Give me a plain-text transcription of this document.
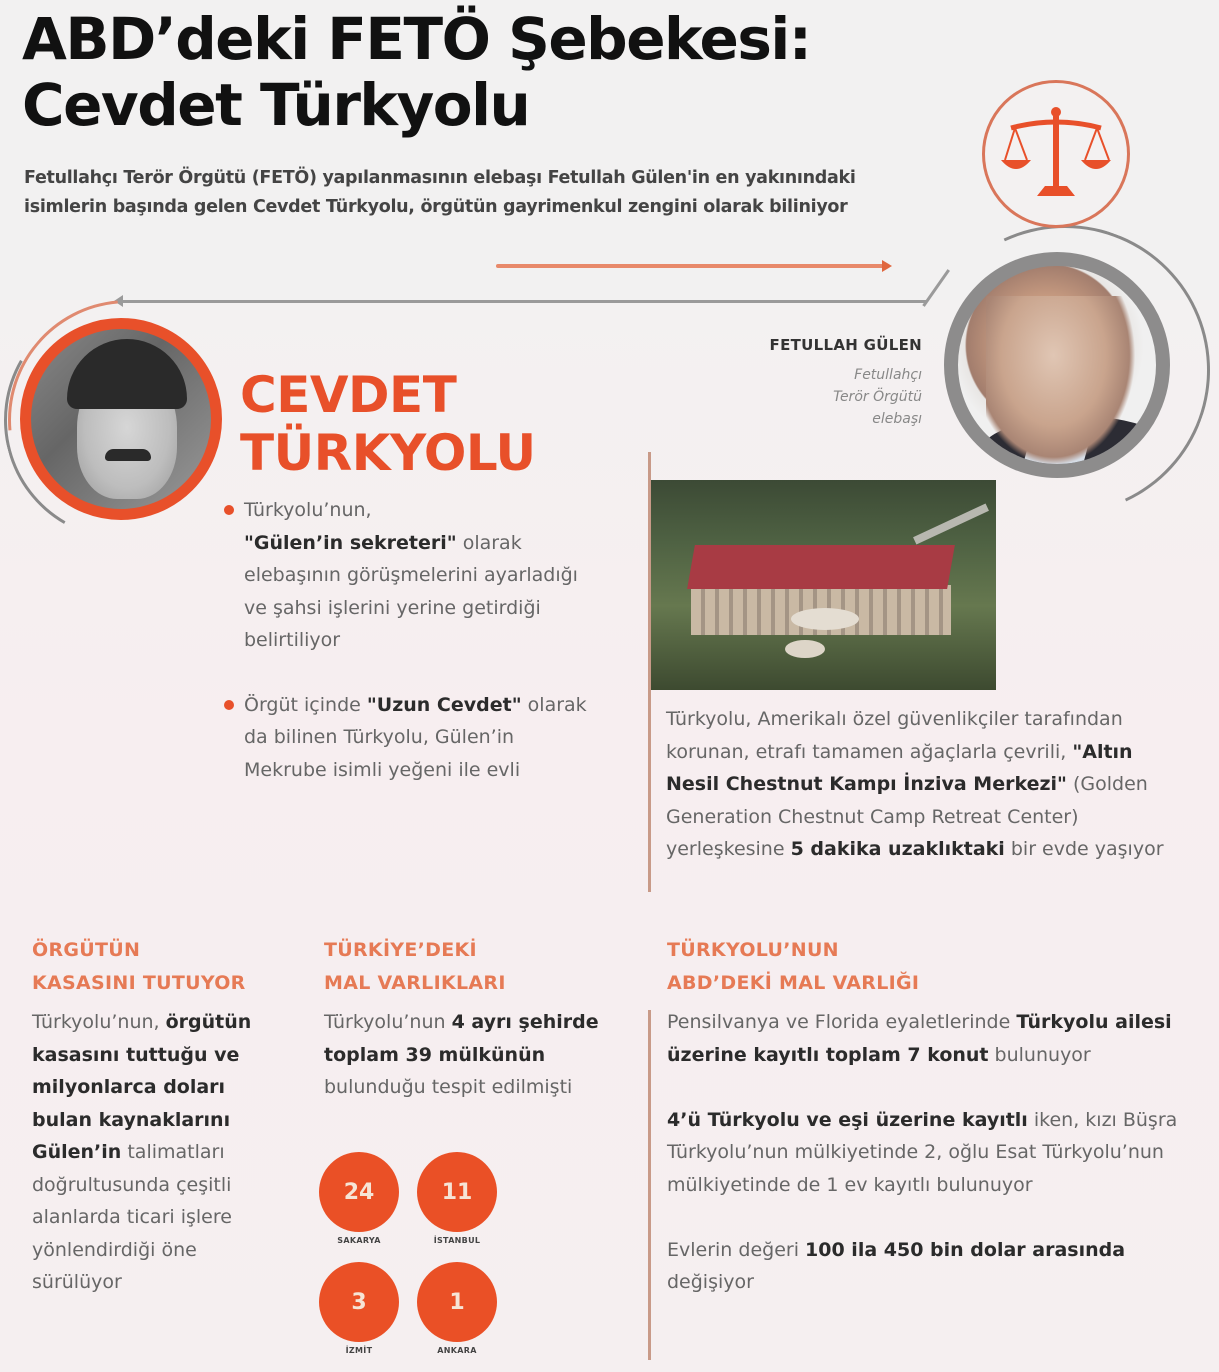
ABD’deki FETÖ Şebekesi:
Cevdet Türkyolu

Fetullahçı Terör Örgütü (FETÖ) yapılanmasının elebaşı Fetullah Gülen'in en yakınındaki isimlerin başında gelen Cevdet Türkyolu, örgütün gayrimenkul zengini olarak biliniyor

FETULLAH GÜLEN
Fetullahçı
Terör Örgütü
elebaşı
CEVDET
TÜRKYOLU
Türkyolu’nun,
"Gülen’in sekreteri" olarak elebaşının görüşmelerini ayarladığı ve şahsi işlerini yerine getirdiği belirtiliyor
Örgüt içinde "Uzun Cevdet" olarak da bilinen Türkyolu, Gülen’in Mekrube isimli yeğeni ile evli

Türkyolu, Amerikalı özel güvenlikçiler tarafından korunan, etrafı tamamen ağaçlarla çevrili, "Altın Nesil Chestnut Kampı İnziva Merkezi" (Golden Generation Chestnut Camp Retreat Center) yerleşkesine 5 dakika uzaklıktaki bir evde yaşıyor

ÖRGÜTÜN
KASASINI TUTUYOR

Türkyolu’nun, örgütün kasasını tuttuğu ve milyonlarca doları bulan kaynaklarını Gülen’in talimatları doğrultusunda çeşitli alanlarda ticari işlere yönlendirdiği öne sürülüyor

TÜRKİYE’DEKİ
MAL VARLIKLARI

Türkyolu’nun 4 ayrı şehirde toplam 39 mülkünün bulunduğu tespit edilmişti

24
SAKARYA
11
İSTANBUL
3
İZMİT
1
ANKARA
TÜRKYOLU’NUN
ABD’DEKİ MAL VARLIĞI

Pensilvanya ve Florida eyaletlerinde Türkyolu ailesi üzerine kayıtlı toplam 7 konut bulunuyor

4’ü Türkyolu ve eşi üzerine kayıtlı iken, kızı Büşra Türkyolu’nun mülkiyetinde 2, oğlu Esat Türkyolu’nun mülkiyetinde de 1 ev kayıtlı bulunuyor

Evlerin değeri 100 ila 450 bin dolar arasında değişiyor
